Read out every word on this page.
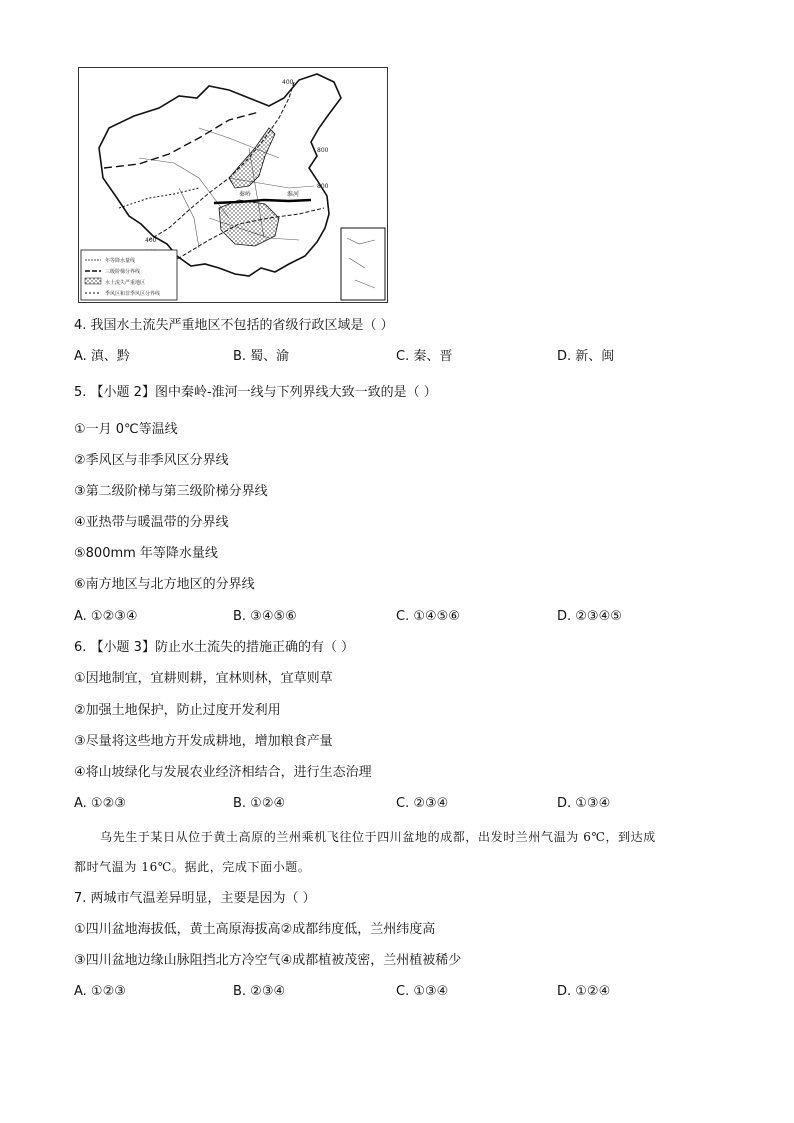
400
800
800
400
秦岭	淮河
年等降水量线
三级阶梯分界线
水土流失严重地区
季风区和非季风区分界线
4. 我国水土流失严重地区不包括的省级行政区域是（ ）
A. 滇、黔	B. 蜀、渝	C. 秦、晋	D. 新、闽
5. 【小题 2】图中秦岭-淮河一线与下列界线大致一致的是（ ）
①一月 0℃等温线
②季风区与非季风区分界线
③第二级阶梯与第三级阶梯分界线
④亚热带与暖温带的分界线
⑤800mm 年等降水量线
⑥南方地区与北方地区的分界线
A. ①②③④	B. ③④⑤⑥	C. ①④⑤⑥	D. ②③④⑤
6. 【小题 3】防止水土流失的措施正确的有（ ）
①因地制宜，宜耕则耕，宜林则林，宜草则草
②加强土地保护，防止过度开发利用
③尽量将这些地方开发成耕地，增加粮食产量
④将山坡绿化与发展农业经济相结合，进行生态治理
A. ①②③	B. ①②④	C. ②③④	D. ①③④
乌先生于某日从位于黄土高原的兰州乘机飞往位于四川盆地的成都，出发时兰州气温为 6℃，到达成
都时气温为 16℃。据此，完成下面小题。
7. 两城市气温差异明显，主要是因为（ ）
①四川盆地海拔低，黄土高原海拔高②成都纬度低，兰州纬度高
③四川盆地边缘山脉阻挡北方冷空气④成都植被茂密，兰州植被稀少
A. ①②③	B. ②③④	C. ①③④	D. ①②④
